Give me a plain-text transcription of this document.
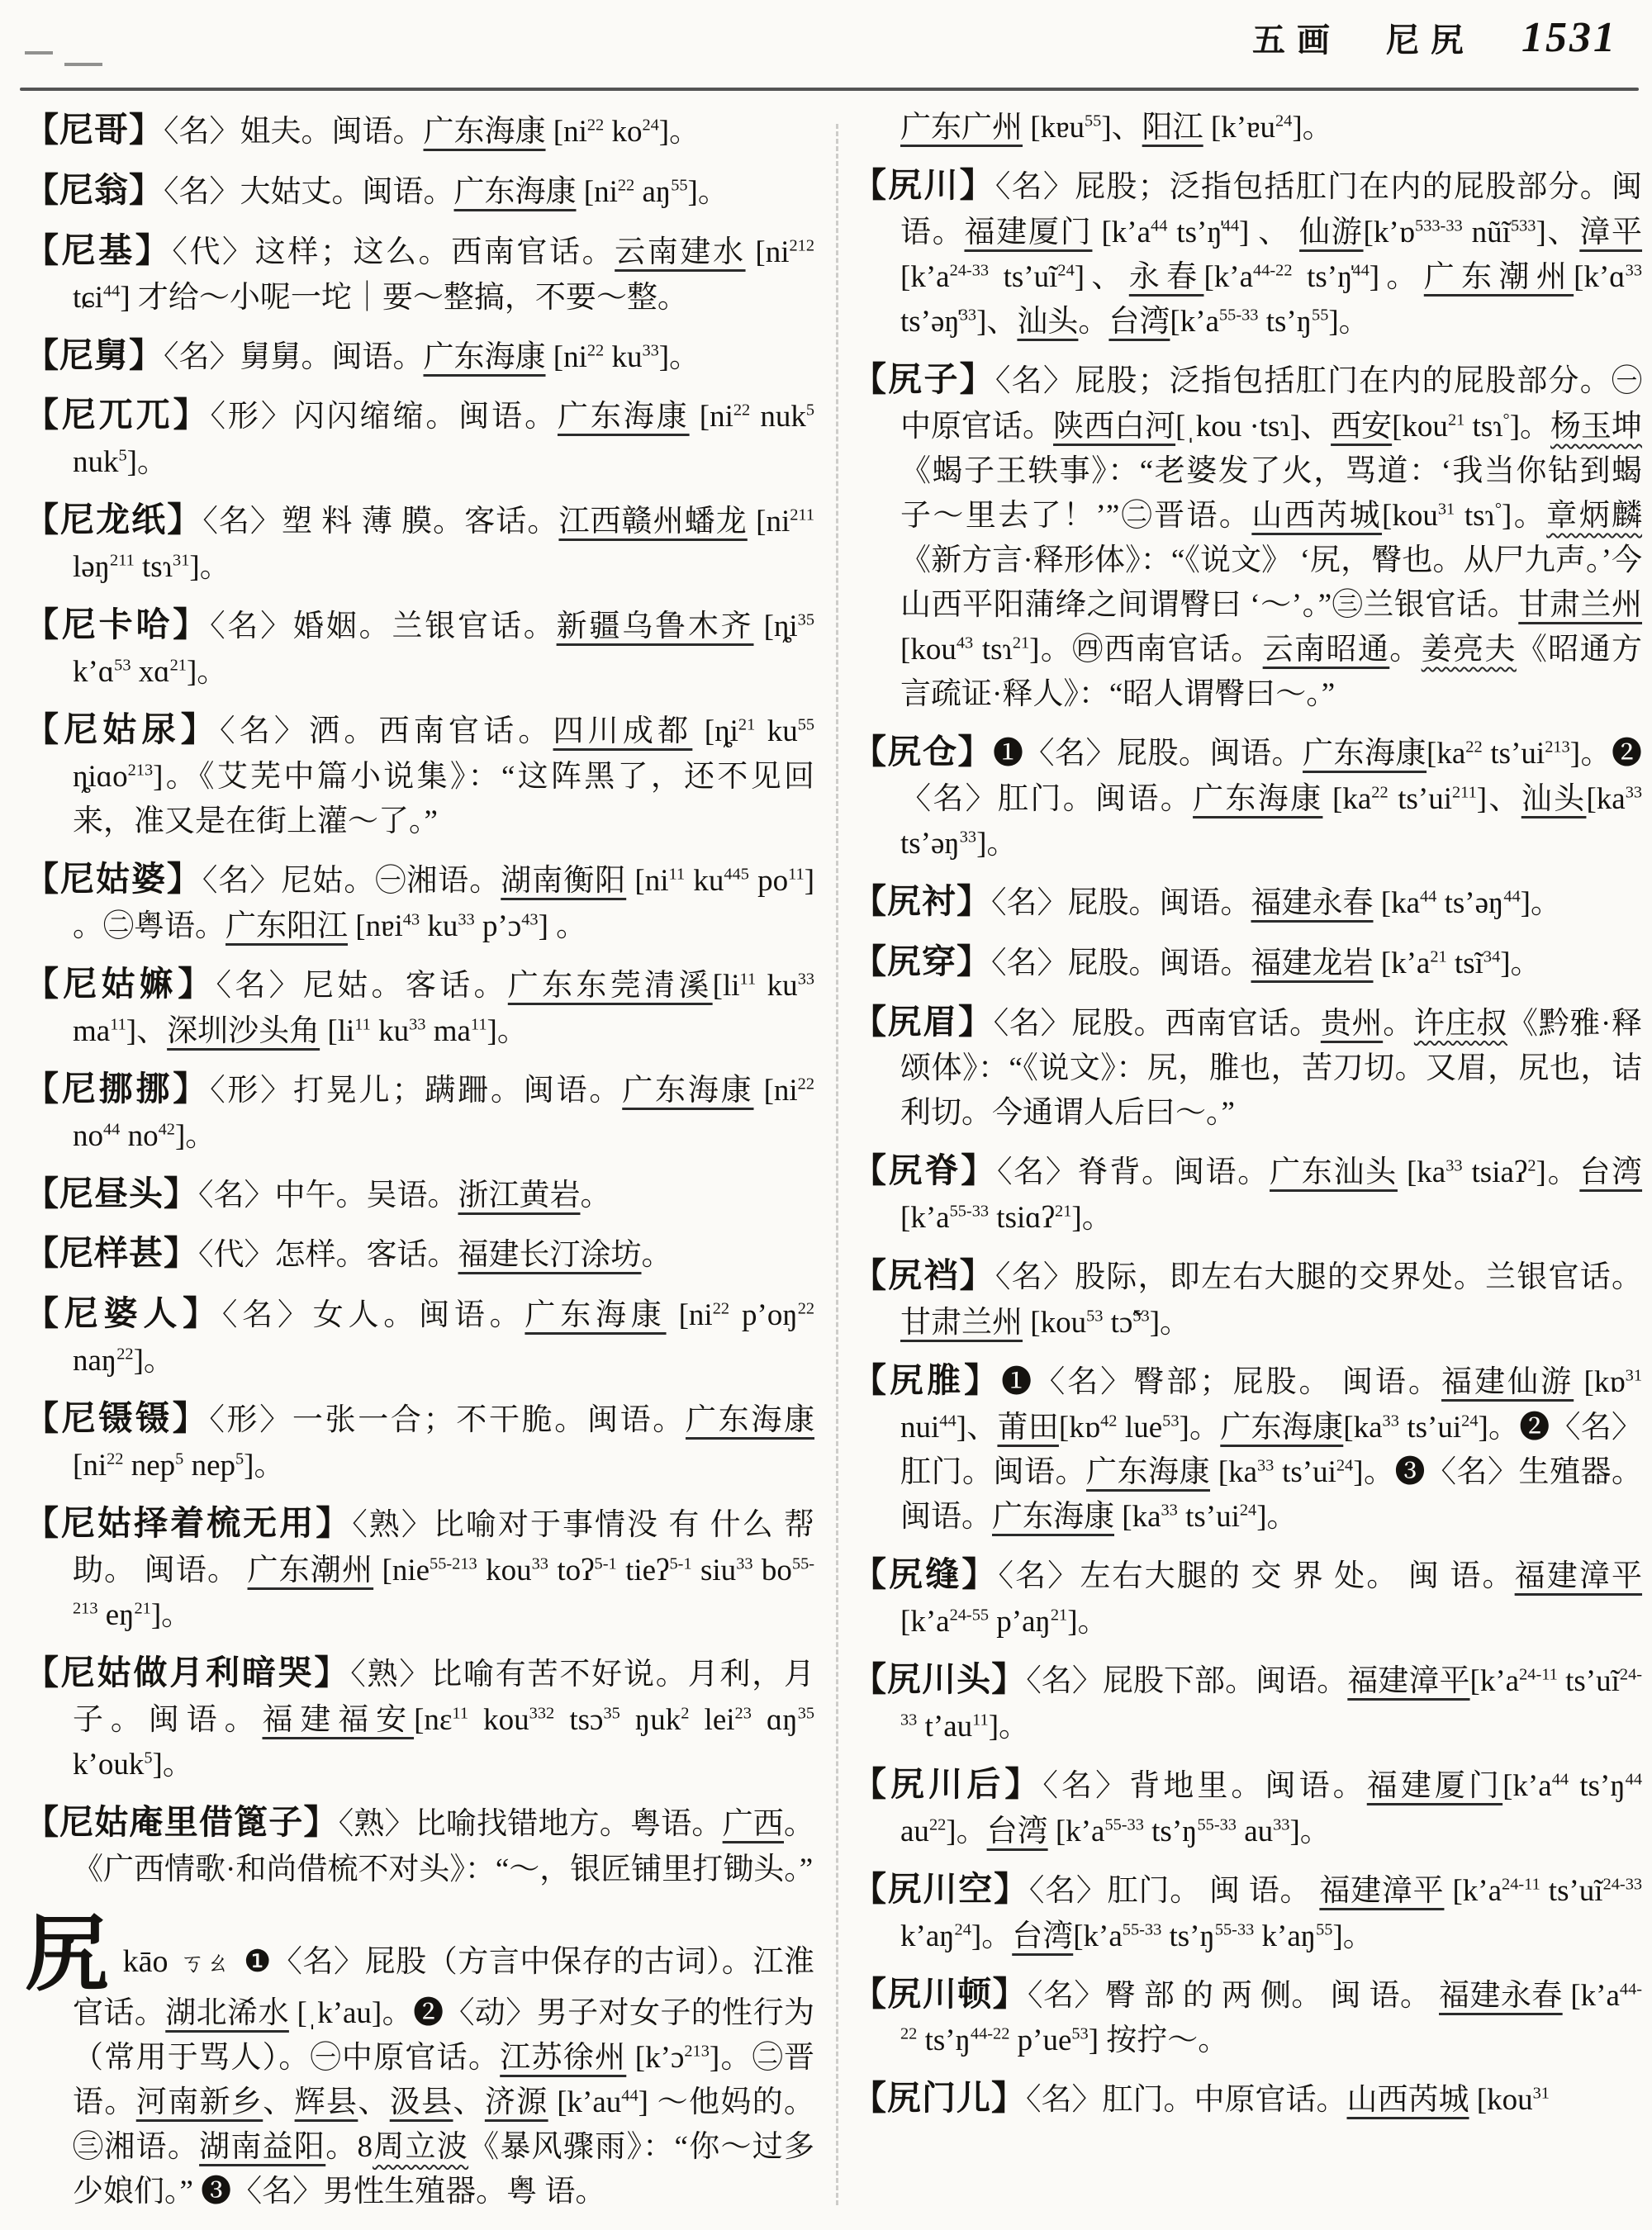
五画　尼尻 1531

【尼哥】〈名〉姐夫。闽语。广东海康 [$ni^{22}$ $ko^{24}$]。

【尼翁】〈名〉大姑丈。闽语。广东海康 [$ni^{22}$ $aŋ^{55}$]。

【尼基】〈代〉这样；这么。西南官话。云南建水 [$ni^{212}$ tɕi$^{44}$] 才给～小呢一坨｜要～整搞，不要～整。

【尼舅】〈名〉舅舅。闽语。广东海康 [$ni^{22}$ $ku^{33}$]。

【尼兀兀】〈形〉闪闪缩缩。闽语。广东海康 [$ni^{22}$ nuk$^5$ nuk$^5$]。

【尼龙纸】〈名〉塑 料 薄 膜。客话。江西赣州蟠龙 [$ni^{211}$ ləŋ$^{211}$ tsɿ$^{31}$]。

【尼卡哈】〈名〉婚姻。兰银官话。新疆乌鲁木齐 [$ȵi^{35}$ k’ɑ$^{53}$ xɑ$^{21}$]。

【尼姑尿】〈名〉洒。西南官话。四川成都 [$ȵi^{21}$ $ku^{55}$ ȵiɑo$^{213}$]。《艾芜中篇小说集》：“这阵黑了，还不见回来，准又是在街上灌～了。”

【尼姑婆】〈名〉尼姑。㊀湘语。湖南衡阳 [$ni^{11}$ $ku^{445}$ $po^{11}$] 。㊁粤语。广东阳江 [nɐi$^{43}$ $ku^{33}$ p’ɔ$^{43}$] 。

【尼姑嫲】〈名〉尼姑。客话。广东东莞清溪[$li^{11}$ $ku^{33}$ $ma^{11}$]、深圳沙头角 [$li^{11}$ $ku^{33}$ $ma^{11}$]。

【尼挪挪】〈形〉打晃儿；蹒跚。闽语。广东海康 [$ni^{22}$ $no^{44}$ $no^{42}$]。

【尼昼头】〈名〉中午。吴语。浙江黄岩。

【尼样甚】〈代〉怎样。客话。福建长汀涂坊。

【尼婆人】〈名〉女人。闽语。广东海康 [$ni^{22}$ $p’oŋ^{22}$ naŋ$^{22}$]。

【尼镊镊】〈形〉一张一合；不干脆。闽语。广东海康 [$ni^{22}$ nep$^5$ nep$^5$]。

【尼姑择着梳无用】〈熟〉比喻对于事情没 有 什么 帮助。 闽语。 广东潮州 [nie$^{55-213}$ kou$^{33}$ toʔ$^{5-1}$ tieʔ$^{5-1}$ siu$^{33}$ $bo^{55-213}$ $eŋ^{21}$]。

【尼姑做月利暗哭】〈熟〉比喻有苦不好说。月利，月子。闽语。福建福安[nɛ$^{11}$ kou$^{332}$ tsɔ$^{35}$ ŋuk$^2$ lei$^{23}$ ɑŋ$^{35}$ k’ouk$^5$]。

【尼姑庵里借篦子】〈熟〉比喻找错地方。粤语。广西。《广西情歌·和尚借梳不对头》：“～，银匠铺里打锄头。”

尻kāo ㄎㄠ ❶〈名〉屁股（方言中保存的古词）。江淮官话。湖北浠水 [ˌk’au]。❷〈动〉男子对女子的性行为（常用于骂人）。㊀中原官话。江苏徐州 [k’ɔ$^{213}$]。㊁晋语。河南新乡、辉县、汲县、济源 $[k’au^{44}]$ ～他妈的。㊂湘语。湖南益阳。8周立波《暴风骤雨》：“你～过多 少娘们。” ❸〈名〉男性生殖器。粤 语。

广东广州 [kɐu$^{55}$]、阳江 [k’ɐu$^{24}$]。

【尻川】〈名〉屁股；泛指包括肛门在内的屁股部分。闽语。福建厦门 [$k’a^{44}$ ts’ŋ̍$^{44}$] 、 仙游[k’ɒ$^{533-33}$ nũĩ$^{533}$]、漳平 [$k’a^{24-33}$ $ts’uĩ^{24}$]、永春[$k’a^{44-22}$ ts’ŋ̍$^{44}$]。广东潮州[k’ɑ$^{33}$ ts’əŋ̍$^{33}$]、汕头。台湾[$k’a^{55-33}$ $ts’ŋ^{55}$]。

【尻子】〈名〉屁股；泛指包括肛门在内的屁股部分。㊀中原官话。陕西白河[ˌkou ·tsɿ]、西安[kou$^{21}$ tsɿ°]。杨玉坤《蝎子王轶事》：“老婆发了火，骂道：‘我当你钻到蝎子～里去了！’”㊁晋语。山西芮城[kou$^{31}$ tsɿ°]。章炳麟《新方言·释形体》：“《说文》 ‘尻，臀也。从尸九声。’今山西平阳蒲绛之间谓臀曰 ‘～’。”㊂兰银官话。甘肃兰州 [kou$^{43}$ tsɿ$^{21}$]。㊃西南官话。云南昭通。姜亮夫《昭通方言疏证·释人》：“昭人谓臀曰～。”

【尻仓】❶〈名〉屁股。闽语。广东海康[$ka^{22}$ $ts’ui^{213}$]。❷〈名〉肛门。闽语。广东海康 [$ka^{22}$ $ts’ui^{211}$]、汕头[$ka^{33}$ ts’əŋ$^{33}$]。

【尻衬】〈名〉屁股。闽语。福建永春 [$ka^{44}$ ts’əŋ$^{44}$]。

【尻穿】〈名〉屁股。闽语。福建龙岩 [$k’a^{21}$ tsĩ$^{34}$]。

【尻眉】〈名〉屁股。西南官话。贵州。许庄叔《黔雅·释颂体》：“《说文》：尻，脽也，苦刀切。又眉，尻也，诘利切。今通谓人后曰～。”

【尻脊】〈名〉脊背。闽语。广东汕头 [$ka^{33}$ tsiaʔ$^2$]。台湾 [$k’a^{55-33}$ tsiɑʔ$^{21}$]。

【尻裆】〈名〉股际，即左右大腿的交界处。兰银官话。甘肃兰州 [kou$^{53}$ tɔ̃$^{53}$]。

【尻脽】❶〈名〉臀部；屁股。 闽语。福建仙游 [kɒ$^{31}$ nui$^{44}$]、莆田[kɒ$^{42}$ lue$^{53}$]。广东海康[$ka^{33}$ $ts’ui^{24}$]。❷〈名〉肛门。闽语。广东海康 [$ka^{33}$ $ts’ui^{24}$]。❸〈名〉生殖器。闽语。广东海康 [$ka^{33}$ $ts’ui^{24}$]。

【尻缝】〈名〉左右大腿的 交 界 处。 闽 语。福建漳平[$k’a^{24-55}$ $p’aŋ^{21}$]。

【尻川头】〈名〉屁股下部。闽语。福建漳平[$k’a^{24-11}$ $ts’uĩ^{24-33}$ $t’au^{11}$]。

【尻川后】〈名〉背地里。闽语。福建厦门[$k’a^{44}$ $ts’ŋ^{44}$ $au^{22}$]。台湾 [$k’a^{55-33}$ $ts’ŋ^{55-33}$ $au^{33}$]。

【尻川空】〈名〉肛门。 闽 语。 福建漳平 [$k’a^{24-11}$ $ts’uĩ^{24-33}$ $k’aŋ^{24}$]。台湾[$k’a^{55-33}$ $ts’ŋ^{55-33}$ $k’aŋ^{55}$]。

【尻川顿】〈名〉臀 部 的 两 侧。 闽 语。 福建永春 [$k’a^{44-22}$ $ts’ŋ^{44-22}$ $p’ue^{53}$] 按拧～。

【尻门儿】〈名〉肛门。中原官话。山西芮城 [kou$^{31}$
